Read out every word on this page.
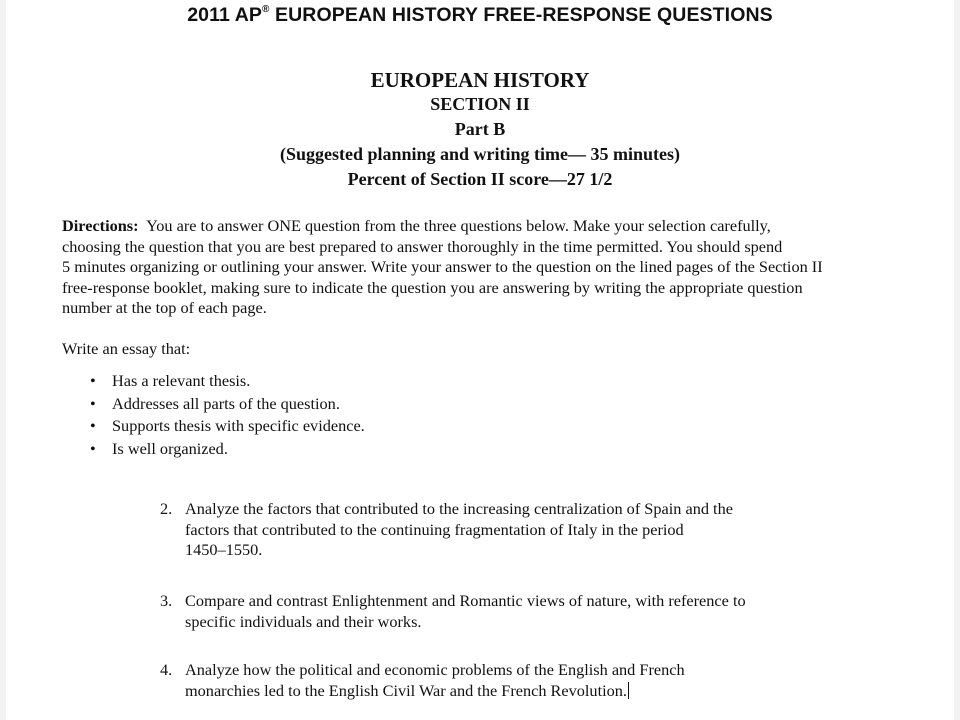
2011 AP® EUROPEAN HISTORY FREE-RESPONSE QUESTIONS
EUROPEAN HISTORY
SECTION II
Part B
(Suggested planning and writing time— 35 minutes)
Percent of Section II score—27 1/2
Directions: You are to answer ONE question from the three questions below. Make your selection carefully,
choosing the question that you are best prepared to answer thoroughly in the time permitted. You should spend
5 minutes organizing or outlining your answer. Write your answer to the question on the lined pages of the Section II
free-response booklet, making sure to indicate the question you are answering by writing the appropriate question
number at the top of each page.
Write an essay that:
• Has a relevant thesis.
• Addresses all parts of the question.
• Supports thesis with specific evidence.
• Is well organized.
2. Analyze the factors that contributed to the increasing centralization of Spain and the
factors that contributed to the continuing fragmentation of Italy in the period
1450–1550.
3. Compare and contrast Enlightenment and Romantic views of nature, with reference to
specific individuals and their works.
4. Analyze how the political and economic problems of the English and French
monarchies led to the English Civil War and the French Revolution.
